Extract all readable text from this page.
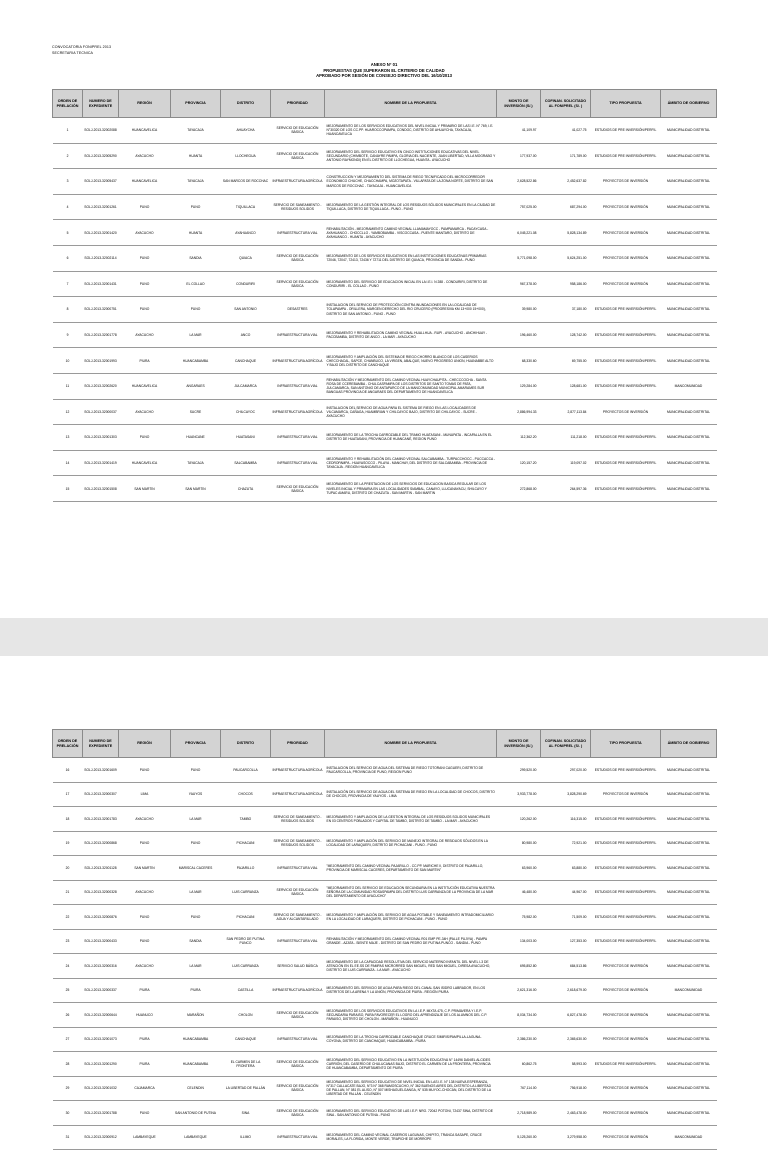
CONVOCATORIA FONIPREL 2013
SECRETARIA TECNICA
ANEXO N° 01
PROPUESTAS QUE SUPERARON EL CRITERIO DE CALIDAD
APROBADO POR SESIÓN DE CONSEJO DIRECTIVO DEL 16/10/2013
ORDEN DE PRELACIÓN	NUMERO DE EXPEDIENTE	REGIÓN	PROVINCIA	DISTRITO	PRIORIDAD	NOMBRE DE LA PROPUESTA	MONTO DE INVERSIÓN (S/.)	COFINAN. SOLICITADO AL FONIPREL (S/. )	TIPO PROPUESTA	ÁMBITO DE GOBIERNO
1	SOLJ-2013-32002088	HUANCAVELICA	TAYACAJA	AHUAYCHA	SERVICIO DE EDUCACIÓN BÁSICA	MEJORAMIENTO DE LOS SERVICIOS EDUCATIVOS DEL NIVEL INICIAL Y PRIMARIO DE LAS I.E. N° 769, I.E. N°30320 DE LOS CC.PP. HUAROCCOPAMPA, CONDOC, DISTRITO DE AHUAYCHA, TAYACAJA, HUANCAVELICA	41,109.97	41,027.75	ESTUDIOS DE PRE INVERSIÓN/PERFIL	MUNICIPALIDAD DISTRITAL
2	SOLJ-2013-32005290	AYACUCHO	HUANTA	LLOCHEGUA	SERVICIO DE EDUCACIÓN BÁSICA	MEJORAMIENTO DEL SERVICIO EDUCATIVO EN CINCO INSTITUCIONES EDUCATIVAS DEL NIVEL SECUNDARIO (CHIMBOTE, CANAYRE PAMPA, GLORIA DEL NACIENTE, JUAN LIBERTAD, VILLA MOGRABO Y ANTONIO RAYMONDI) EN EL DISTRITO DE LLOCHEGUA, HUANTA - AYACUCHO	177,937.00	171,789.00	ESTUDIOS DE PRE INVERSIÓN/PERFIL	MUNICIPALIDAD DISTRITAL
3	SOLJ-2013-32005437	HUANCAVELICA	TAYACAJA	SAN MARCOS DE ROCCHAC	INFRAESTRUCTURA AGRÍCOLA	CONSTRUCCION Y MEJORAMIENTO DEL SISTEMA DE RIEGO TECNIFICADO DEL MICROCORREDOR ECONOMICO CHUCHE, CHACCHAMPA, MOZOTAPATA - VILLAPATA DE LA ZONA NORTE, DISTRITO DE SAN MARCOS DE ROCCHAC - TAYACAJA - HUANCAVELICA	2,628,522.86	2,452,637.82	PROYECTOS DE INVERSIÓN	MUNICIPALIDAD DISTRITAL
4	SOLJ-2013-32001261	PUNO	PUNO	TIQUILLACA	SERVICIO DE SANEAMIENTO - RESIDUOS SOLIDOS	MEJORAMIENTO DE LA GESTIÓN INTEGRAL DE LOS RESIDUOS SÓLIDOS MUNICIPALES EN LA CIUDAD DE TIQUILLACA, DISTRITO DE TIQUILLACA - PUNO - PUNO	757,025.00	687,294.00	PROYECTOS DE INVERSIÓN	MUNICIPALIDAD DISTRITAL
5	SOLJ-2013-32001420	AYACUCHO	HUANTA	AYAHUANCO	INFRAESTRUCTURA VIAL	REHABILITACIÓN - MEJORAMIENTO CAMINO VECINAL LLAMAMAYOCC - PAMPAMARCA - PACAYCASA - AYAHUANCO - CHOCCLLO - YAMBOBAMBA - VISCOCCASA - PUENTE MANTARO, DISTRITO DE AYAHUANCO - HUANTA - AYACUCHO	6,045,221.08	5,828,134.89	PROYECTOS DE INVERSIÓN	MUNICIPALIDAD DISTRITAL
6	SOLJ-2013-32002114	PUNO	SANDIA	QUIACA	SERVICIO DE EDUCACIÓN BÁSICA	MEJORAMIENTO DE LOS SERVICIOS EDUCATIVOS EN LAS INSTITUCIONES EDUCATIVAS PRIMARIAS 72046, 72047, 72413, 72436 Y 72711 DEL DISTRITO DE QUIACA, PROVINCIA DE SANDIA - PUNO	5,771,098.00	5,624,251.00	PROYECTOS DE INVERSIÓN	MUNICIPALIDAD DISTRITAL
7	SOLJ-2013-32001431	PUNO	EL COLLAO	CONDURIRI	SERVICIO DE EDUCACIÓN BÁSICA	MEJORAMIENTO DEL SERVICIO DE EDUCACION INICIAL EN LA I.E.I. N 288 - CONDURIRI, DISTRITO DE CONDURIRI - EL COLLAO - PUNO	967,378.00	958,186.00	PROYECTOS DE INVERSIÓN	MUNICIPALIDAD DISTRITAL
8	SOLJ-2013-32000751	PUNO	PUNO	SAN ANTONIO	DESASTRES	INSTALACION DEL SERVICIO DE PROTECCIÓN CONTRA INUNDACIONES EN LA LOCALIDAD DE TOLAPAMPA - ORILLERA, MARGEN DERECHO DEL RIO CRUCERO (PROGRESIVA KM 13+000 15+000), DISTRITO DE SAN ANTONIO - PUNO - PUNO	39,980.00	37,180.00	ESTUDIOS DE PRE INVERSIÓN/PERFIL	MUNICIPALIDAD DISTRITAL
9	SOLJ-2013-32001778	AYACUCHO	LA MAR	ANCO	INFRAESTRUCTURA VIAL	MEJORAMIENTO Y REHABILITACION CAMINO VECINAL HUALLHUA - RUPI - AYACUCHO - ANCHIHUAY - PACCBAMBA, DISTRITO DE ANCO - LA MAR - AYACUCHO	196,460.00	128,742.00	ESTUDIOS DE PRE INVERSIÓN/PERFIL	MUNICIPALIDAD DISTRITAL
10	SOLJ-2013-32001993	PIURA	HUANCABAMBA	CANCHAQUE	INFRAESTRUCTURA AGRÍCOLA	MEJORAMIENTO Y AMPLIACIÓN DEL SISTEMA DE RIEGO CHORRO BLANCO DE LOS CASERIOS CHECCHACAL, SAPCE, CHANBUCO, LA VIRGEN, ABALQUE, NUEVO PROGRESO UNION, HUANABBE ALTO Y BAJO DEL DISTRITO DE CANCHAQUE	68,330.60	69,755.00	ESTUDIOS DE PRE INVERSIÓN/PERFIL	MUNICIPALIDAD DISTRITAL
11	SOLJ-2013-32002620	HUANCAVELICA	ANGARAES	JULCAMARCA	INFRAESTRUCTURA VIAL	REHABILITACIÓN Y MEJORAMIENTO DEL CAMINO VECINAL HUAYCHAUPITA - CHECCCOCHA - SANTA ROSA DE CCEREBAMBA - CHULCASPAMPA DE LOS DISTRITOS DE SANTO TOMAS DE PATA, JULCAMARCA, SAN ANTONIO DE ANTAPARCO DE LA MANCOMUNIDAD MUNICIPAL AMARAMES SUR BANGUAS PROVINCIA DE ANGARAES DEL DEPARTAMENTO DE HUANCAVELICA	129,284.00	128,681.00	ESTUDIOS DE PRE INVERSIÓN/PERFIL	MANCOMUNIDAD
12	SOLJ-2013-32000037	AYACUCHO	SUCRE	CHILCAYOC	INFRAESTRUCTURA AGRÍCOLA	INSTALACION DEL SERVICIO DE AGUA PARA EL SISTEMA DE RIEGO EN LAS LOCALIDADES DE VILCAMARCA, CAÑAGA, HUAMBRIAN Y CHILCAYOC BAJO, DISTRITO DE CHILCAYOC - SUCRE - AYACUCHO	2,886,994.33	2,877,113.84	PROYECTOS DE INVERSIÓN	MUNICIPALIDAD DISTRITAL
13	SOLJ-2013-32001303	PUNO	HUANCANE	HUATASANI	INFRAESTRUCTURA VIAL	MEJORAMIENTO DE LA TROCHA CARROZABLE DEL TRAMO HUATASANI - MUNUPATA - INCAPALLA EN EL DISTRITO DE HUATASANI, PROVINCIA DE HUANCANÉ, REGION PUNO	112,362.20	111,218.00	ESTUDIOS DE PRE INVERSIÓN/PERFIL	MUNICIPALIDAD DISTRITAL
14	SOLJ-2013-32001419	HUANCAVELICA	TAYACAJA	SALCABAMBA	INFRAESTRUCTURA VIAL	MEJORAMIENTO Y REHABILITACIÓN DEL CAMINO VECINAL SALCABAMBA - TURPACCHOCC - PUCCACCA - CEDROPAMPA - HUAYASOCCO - PILAYA - MANCHAY, DEL DISTRITO DE SALCABAMBA - PROVINCIA DE TAYACAJA - REGION HUANCAVELICA	120,157.20	119,097.02	ESTUDIOS DE PRE INVERSIÓN/PERFIL	MUNICIPALIDAD DISTRITAL
15	SOLJ-2013-32001508	SAN MARTIN	SAN MARTIN	CHAZUTA	SERVICIO DE EDUCACIÓN BÁSICA	MEJORAMIENTO DE LA PRESTACION DE LOS SERVICIOS DE EDUCACION BASICA REGULAR DE LOS NIVELES INICIAL Y PRIMARIA EN LAS LOCALIDADES SIAMBAL, CANAYO, LLUCANAYACU, SHILCAYO Y TUPAC AMARU, DISTRITO DE CHAZUTA - SAN MARTIN - SAN MARTIN	272,868.00	264,597.36	ESTUDIOS DE PRE INVERSIÓN/PERFIL	MUNICIPALIDAD DISTRITAL
ORDEN DE PRELACIÓN	NUMERO DE EXPEDIENTE	REGIÓN	PROVINCIA	DISTRITO	PRIORIDAD	NOMBRE DE LA PROPUESTA	MONTO DE INVERSIÓN (S/.)	COFINAN. SOLICITADO AL FONIPREL (S/. )	TIPO PROPUESTA	ÁMBITO DE GOBIERNO
16	SOLJ-2013-32001609	PUNO	PUNO	PAUCARCOLLA	INFRAESTRUCTURA AGRÍCOLA	INSTALACION DEL SERVICIO DE AGUA DEL SISTEMA DE RIEGO TOTORANI CAGUERI, DISTRITO DE PAUCARCOLLA, PROVINCIA DE PUNO, REGION PUNO	299,520.00	297,020.00	ESTUDIOS DE PRE INVERSIÓN/PERFIL	MUNICIPALIDAD DISTRITAL
17	SOLJ-2013-32000307	LIMA	YAUYOS	CHOCOS	INFRAESTRUCTURA AGRÍCOLA	INSTALACIÓN DEL SERVICIO DE AGUA DEL SISTEMA DE RIEGO EN LA LOCALIDAD DE CHOCOS, DISTRITO DE CHOCOS, PROVINCIA DE YAUYOS - LIMA	3,933,778.00	3,828,290.69	PROYECTOS DE INVERSIÓN	MUNICIPALIDAD DISTRITAL
18	SOLJ-2013-32001783	AYACUCHO	LA MAR	TAMBO	SERVICIO DE SANEAMIENTO - RESIDUOS SOLIDOS	MEJORAMIENTO Y AMPLIACION DE LA GESTION INTEGRAL DE LOS RESIDUOS SOLIDOS MUNICIPALES EN 03 CENTROS POBLADOS Y CAPITAL DE TAMBO, DISTRITO DE TAMBO - LA MAR - AYACUCHO	120,262.00	116,315.00	ESTUDIOS DE PRE INVERSIÓN/PERFIL	MUNICIPALIDAD DISTRITAL
19	SOLJ-2013-32000868	PUNO	PUNO	PICHACANI	SERVICIO DE SANEAMIENTO - RESIDUOS SOLIDOS	MEJORAMIENTO Y AMPLIACIÓN DEL SERVICIO DE MANEJO INTEGRAL DE RESIDUOS SÓLIDOS EN LA LOCALIDAD DE LARAQUERI, DISTRITO DE PICHACANI - PUNO - PUNO	80,980.00	72,921.00	ESTUDIOS DE PRE INVERSIÓN/PERFIL	MUNICIPALIDAD DISTRITAL
20	SOLJ-2013-32001128	SAN MARTIN	MARISCAL CACERES	PAJARILLO	INFRAESTRUCTURA VIAL	"MEJORAMIENTO DEL CAMINO VECINAL PAJARILLO - CC.PP. MARICHE II, DISTRITO DE PAJARILLO, PROVINCIA DE MARISCAL CACERES, DEPARTAMENTO DE SAN MARTIN"	63,960.00	63,880.00	ESTUDIOS DE PRE INVERSIÓN/PERFIL	MUNICIPALIDAD DISTRITAL
21	SOLJ-2013-32000328	AYACUCHO	LA MAR	LUIS CARRANZA	SERVICIO DE EDUCACIÓN BÁSICA	"MEJORAMIENTO DEL SERVICIO DE EDUCACION SECUNDARIA EN LA INSTITUCIÓN EDUCATIVA NUESTRA SEÑORA DE LA COMUNIDAD ROSASPAMPA DEL DISTRITO LUIS CARRANZA DE LA PROVINCIA DE LA MAR DEL DEPARTAMENTO DE AYACUCHO"	46,480.00	44,967.00	ESTUDIOS DE PRE INVERSIÓN/PERFIL	MUNICIPALIDAD DISTRITAL
22	SOLJ-2013-32000876	PUNO	PUNO	PICHACANI	SERVICIO DE SANEAMIENTO - AGUA Y ALCANTARILLADO	MEJORAMIENTO Y AMPLIACIÓN DEL SERVICIO DE AGUA POTABLE Y SANEAMIENTO INTRADOMICILIARIO EN LA LOCALIDAD DE LARAQUERI, DISTRITO DE PICHACANI - PUNO - PUNO	75,982.00	71,509.00	ESTUDIOS DE PRE INVERSIÓN/PERFIL	MUNICIPALIDAD DISTRITAL
23	SOLJ-2013-32000433	PUNO	SANDIA	SAN PEDRO DE PUTINA PUNCO	INFRAESTRUCTURA VIAL	REHABILITACIÓN Y MEJORAMIENTO DEL CAMINO VECINAL R01 EMP PE-34H (PALLE PUJIYA) - PAMPA GRANDE - AZATA - SIENTE MAJE - DISTRITO DE SAN PEDRO DE PUTINA PUNCO - SANDIA - PUNO	134,003.00	127,353.00	ESTUDIOS DE PRE INVERSIÓN/PERFIL	MUNICIPALIDAD DISTRITAL
24	SOLJ-2013-32000316	AYACUCHO	LA MAR	LUIS CARRANZA	SERVICIO SALUD BÁSICA	MEJORAMIENTO DE LA CAPACIDAD RESOLUTIVA DEL SERVICIO MATERNO INFANTIL DEL NIVEL I-3 DE ATENCIÓN EN EL EE.SS DE PAMPAS MICRORRED SAN MIGUEL, RED SAN MIGUEL, DIRESA AYACUCHO, DISTRITO DE LUIS CARRANZA - LA MAR - AYACUCHO	695,852.80	684,513.86	PROYECTOS DE INVERSIÓN	MUNICIPALIDAD DISTRITAL
25	SOLJ-2013-32000337	PIURA	PIURA	CASTILLA	INFRAESTRUCTURA AGRÍCOLA	MEJORAMIENTO DEL SERVICIO DE AGUA PARA RIEGO DEL CANAL SAN ISIDRO LABRADOR, EN LOS DISTRITOS DE LA ARENA Y LA UNIÓN, PROVINCIA DE PIURA - REGIÓN PIURA	2,621,316.00	2,618,679.00	PROYECTOS DE INVERSIÓN	MANCOMUNIDAD
26	SOLJ-2013-32000644	HUANUCO	MARAÑON	CHOLON	SERVICIO DE EDUCACIÓN BÁSICA	MEJORAMIENTO DE LOS SERVICIOS EDUCATIVOS EN LA I.E.P. MIXTA 475, C.P. PRIMAVERA Y I.E.P. SECUNDARIA PARAISO, PARA FAVORECER EL LOGRO DEL APRENDIZAJE DE LOS ALUMNOS DEL C.P. PARAISO, DISTRITO DE CHOLON - MARAÑON - HUANUCO	8,034,734.00	6,827,478.00	PROYECTOS DE INVERSIÓN	MUNICIPALIDAD DISTRITAL
27	SOLJ-2013-32001073	PIURA	HUANCABAMBA	CANCHAQUE	INFRAESTRUCTURA VIAL	MEJORAMIENTO DE LA TROCHA CARROZABLE CANCHAQUE CRUCE SIMIRIS/PAMPILLA-LAGUNA-COYONA, DISTRITO DE CANCHAQUE, HUANCABAMBA - PIURA	2,386,230.00	2,365,630.00	PROYECTOS DE INVERSIÓN	MUNICIPALIDAD DISTRITAL
28	SOLJ-2013-32001290	PIURA	HUANCABAMBA	EL CARMEN DE LA FRONTERA	SERVICIO DE EDUCACIÓN BÁSICA	MEJORAMIENTO DEL SERVICIO EDUCATIVO EN LA INSTITUCIÓN EDUCATIVA N° 14496 DANIEL ALCIDES CARRIÓN, DEL CASERÍO DE CHULUCANAS BAJO, DISTRITO EL CARMEN DE LA FRONTERA, PROVINCIA DE HUANCABAMBA, DEPARTAMENTO DE PIURA	60,862.75	58,993.00	ESTUDIOS DE PRE INVERSIÓN/PERFIL	MUNICIPALIDAD DISTRITAL
29	SOLJ-2013-32001032	CAJAMARCA	CELENDIN	LA LIBERTAD DE PALLÁN	SERVICIO DE EDUCACIÓN BÁSICA	MEJORAMIENTO DEL SERVICIO EDUCATIVO DE NIVEL INICIAL EN LAS I.E. N° 138 NUEVA ESPERANZA, N°317 CALLACATE BAJO, N°3 N° 368 RAMOSCUCHO, N° 362 BUENOS AIRES DEL DISTRITO LA LIBERTAD DE PALLAN, N° 081 EL ALISO, N° 507 MISHAGUELGANGA, N° 535 MUYOC-CHOCÁN, DEL DISTRITO DE LA LIBERTAD DE PALLÁN - CELENDÍN	767,114.00	756,918.00	PROYECTOS DE INVERSIÓN	MUNICIPALIDAD DISTRITAL
30	SOLJ-2013-32001788	PUNO	SAN ANTONIO DE PUTINA	SINA	SERVICIO DE EDUCACIÓN BÁSICA	MEJORAMIENTO DEL SERVICIO EDUCATIVO DE LAS I.E.P. NRO. 72042 POTONI, 72437 SINA, DISTRITO DE SINA - SAN ANTONIO DE PUTINA - PUNO	2,718,989.00	2,463,478.00	PROYECTOS DE INVERSIÓN	MUNICIPALIDAD DISTRITAL
31	SOLJ-2013-32000912	LAMBAYEQUE	LAMBAYEQUE	ILLIMO	INFRAESTRUCTURA VIAL	MEJORAMIENTO DEL CAMINO VECINAL CASERIOS LAGUNAS, CHIPITO, TRANCA SASAPE, CRUCE MORALES, LA FLORIDA, MONTE VERDE, TRAPICHE DE MORROPE	5,125,260.00	3,279,958.00	PROYECTOS DE INVERSIÓN	MANCOMUNIDAD
